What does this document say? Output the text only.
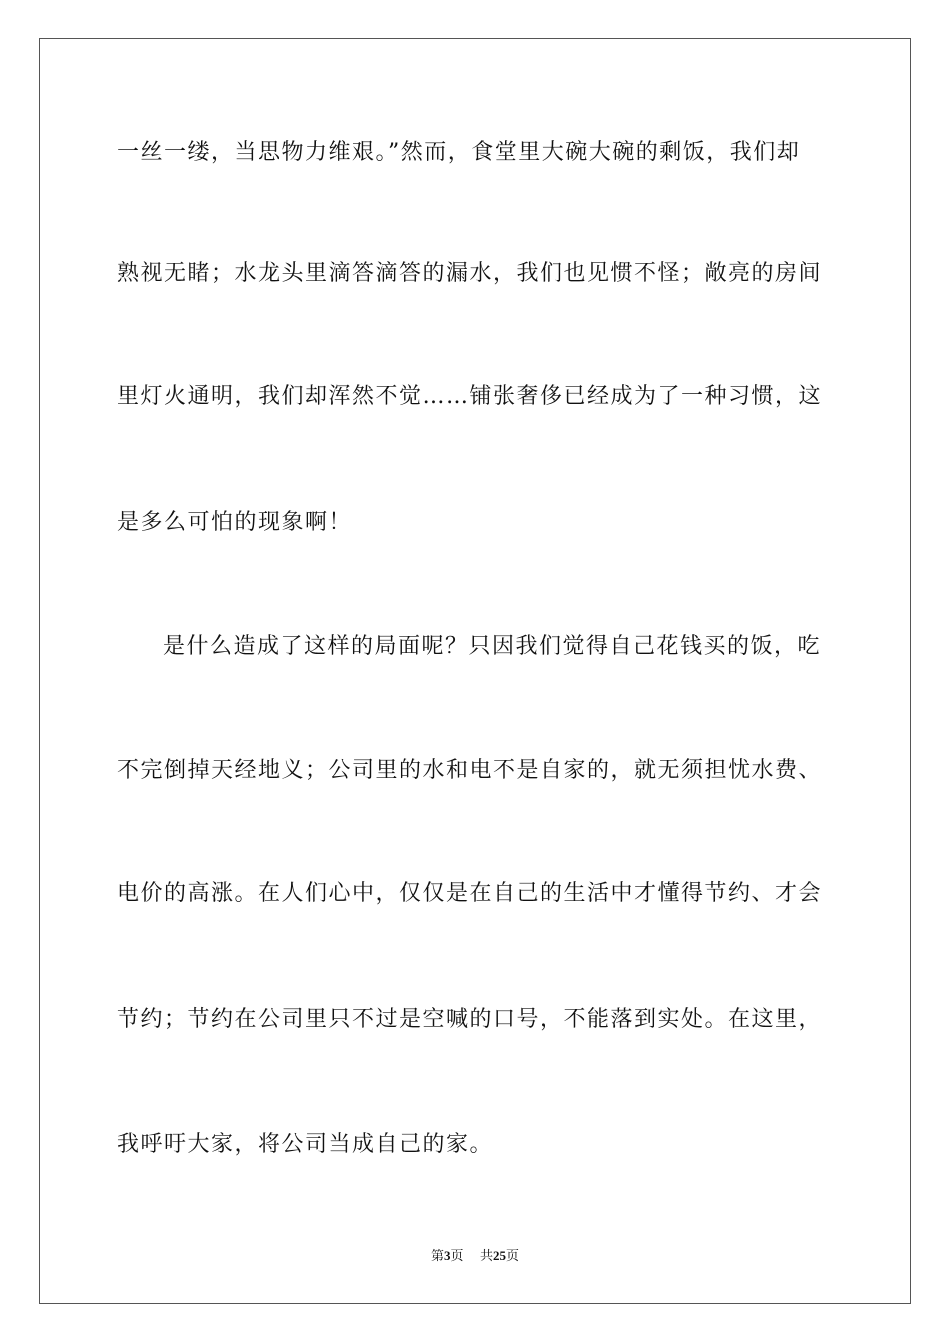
一丝一缕，当思物力维艰。”然而，食堂里大碗大碗的剩饭，我们却
熟视无睹；水龙头里滴答滴答的漏水，我们也见惯不怪；敞亮的房间
里灯火通明，我们却浑然不觉……铺张奢侈已经成为了一种习惯，这
是多么可怕的现象啊！
是什么造成了这样的局面呢？只因我们觉得自己花钱买的饭，吃
不完倒掉天经地义；公司里的水和电不是自家的，就无须担忧水费、
电价的高涨。在人们心中，仅仅是在自己的生活中才懂得节约、才会
节约；节约在公司里只不过是空喊的口号，不能落到实处。在这里，
我呼吁大家，将公司当成自己的家。
第3页 共25页
